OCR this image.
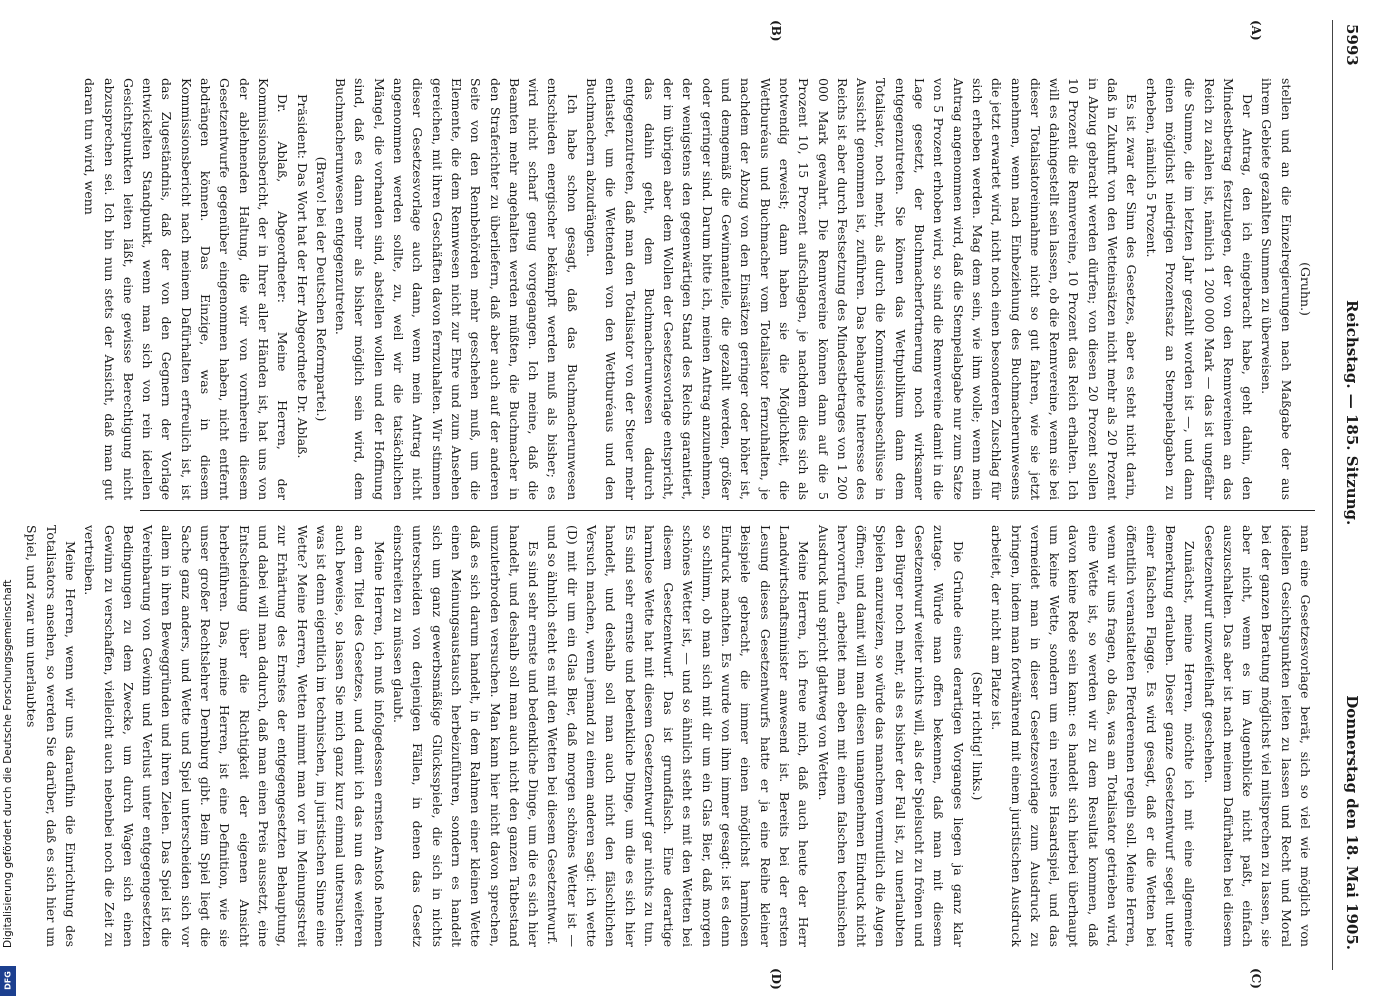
5993
Reichstag. — 185. Sitzung.
Donnerstag den 18. Mai 1905.
(A)
(B)
(C)
(D)

(Gruhn.)

stellen und an die Einzelregierungen nach Maßgabe der aus ihrem Gebiete gezahlten Summen zu überweisen.

Der Antrag, den ich eingebracht habe, geht dahin, den Mindestbetrag festzulegen, der von den Rennvereinen an das Reich zu zahlen ist, nämlich 1 200 000 Mark — das ist ungefähr die Summe, die im letzten Jahr gezahlt worden ist —, und dann einen möglichst niedrigen Prozentsatz an Stempelabgaben zu erheben, nämlich 5 Prozent.

Es ist zwar der Sinn des Gesetzes, aber es steht nicht darin, daß in Zukunft von den Wetteinsätzen nicht mehr als 20 Prozent in Abzug gebracht werden dürfen; von diesen 20 Prozent sollen 10 Prozent die Rennvereine, 10 Prozent das Reich erhalten. Ich will es dahingestellt sein lassen, ob die Rennvereine, wenn sie bei dieser Totalisatoreinnahme nicht so gut fahren, wie sie jetzt annehmen, wenn nach Einbeziehung des Buchmacherunwesens die jetzt erwartet wird, nicht noch einen besonderen Zuschlag für sich erheben werden. Mag dem sein, wie ihm wolle; wenn mein Antrag angenommen wird, daß die Stempelabgabe nur zum Satze von 5 Prozent erhoben wird, so sind die Rennvereine damit in die Lage gesetzt, der Buchmacherfortnerung noch wirksamer entgegenzutreten. Sie können das Wettpublikum dann dem Totalisator, noch mehr, als durch die Kommissionsbeschlüsse in Aussicht genommen ist, zuführen. Das behauptete Interesse des Reichs ist aber durch Festsetzung des Mindestbetrages von 1 200 000 Mark gewahrt. Die Rennvereine können dann auf die 5 Prozent 10, 15 Prozent aufschlagen, je nachdem dies sich als notwendig erweist; dann haben sie die Möglichkeit, die Wettburéaus und Buchmacher vom Totalisator fernzuhalten, je nachdem der Abzug von den Einsätzen geringer oder höher ist, und demgemäß die Gewinnanteile, die gezahlt werden, größer oder geringer sind. Darum bitte ich, meinen Antrag anzunehmen, der wenigstens den gegenwärtigen Stand des Reichs garantiert, der im übrigen aber dem Wollen der Gesetzesvorlage entspricht, das dahin geht, dem Buchmacherunwesen dadurch entgegenzutreten, daß man den Totalisator von der Steuer mehr entlastet, um die Wettenden von den Wettburéaus und den Buchmachern abzudrängen.

Ich habe schon gesagt, daß das Buchmacherunwesen entschieden energischer bekämpft werden muß als bisher; es wird nicht scharf genug vorgegangen. Ich meine, daß die Beamten mehr angehalten werden müßten, die Buchmacher in den Straferichter zu überliefern, daß aber auch auf der anderen Seite von den Rennbehörden mehr geschehen muß, um die Elemente, die dem Rennwesen nicht zur Ehre und zum Ansehen gereichen, mit ihren Geschäften davon fernzuhalten. Wir stimmen dieser Gesetzesvorlage auch dann, wenn mein Antrag nicht angenommen werden sollte, zu, weil wir die tatsächlichen Mängel, die vorhanden sind, abstellen wollen und der Hoffnung sind, daß es dann mehr als bisher möglich sein wird, dem Buchmacherunwesen entgegenzutreten.

(Bravo! bei der Deutschen Reformpartei.)

Präsident: Das Wort hat der Herr Abgeordnete Dr. Ablaß.

Dr. Ablaß, Abgeordneter: Meine Herren, der Kommissionsbericht, der in Ihrer aller Händen ist, hat uns von der ablehnenden Haltung, die wir von vornherein diesem Gesetzentwurfe gegenüber eingenommen haben, nicht entfernt abdrängen können. Das Einzige, was in diesem Kommissionsbericht nach meinem Dafürhalten erfreulich ist, ist das Zugeständnis, daß der von den Gegnern der Vorlage entwickelten Standpunkt, wenn man sich von rein ideellen Gesichtspunkten leiten läßt, eine gewisse Berechtigung nicht abzusprechen sei. Ich bin nun stets der Ansicht, daß man gut daran tun wird, wenn

man eine Gesetzesvorlage berät, sich so viel wie möglich von ideellen Gesichtspunkten leiten zu lassen und Recht und Moral bei der ganzen Beratung möglichst viel mitsprechen zu lassen, sie aber nicht, wenn es im Augenblicke nicht paßt, einfach auszuschalten. Das aber ist nach meinem Dafürhalten bei diesem Gesetzentwurf unzweifelhaft geschehen.

Zunächst, meine Herren, möchte ich mit eine allgemeine Bemerkung erlauben. Dieser ganze Gesetzentwurf segelt unter einer falschen Flagge. Es wird gesagt, daß er die Wetten bei öffentlich veranstalteten Pferderennen regeln soll. Meine Herren, wenn wir uns fragen, ob das, was am Totalisator getrieben wird, eine Wette ist, so werden wir zu dem Resultat kommen, daß davon keine Rede sein kann: es handelt sich hierbei überhaupt um keine Wette, sondern um ein reines Hasardspiel, und das vermeidet man in dieser Gesetzesvorlage zum Ausdruck zu bringen, indem man fortwährend mit einem juristischen Ausdruck arbeitet, der nicht am Platze ist.

(Sehr richtig! links.)

Die Gründe eines derartigen Vorganges liegen ja ganz klar zutage. Würde man offen bekennen, daß man mit diesem Gesetzentwurf weiter nichts will, als der Spielsucht zu frönen und den Bürger noch mehr, als es bisher der Fall ist, zu unerlaubten Spielen anzureizen, so würde das manchem vermutlich die Augen öffnen; und damit will man diesen unangenehmen Eindruck nicht hervorrufen, arbeitet man eben mit einem falschen technischen Ausdruck und spricht glattweg von Wetten.

Meine Herren, ich freue mich, daß auch heute der Herr Landwirtschaftsminister anwesend ist. Bereits bei der ersten Lesung dieses Gesetzentwurfs hatte er ja eine Reihe kleiner Beispiele gebracht, die immer einen möglichst harmlosen Eindruck machten. Es wurde von ihm immer gesagt: ist es denn so schlimm, ob man sich mit dir um ein Glas Bier, daß morgen schönes Wetter ist, — und so ähnlich steht es mit den Wetten bei diesem Gesetzentwurf. Das ist grundfalsch. Eine derartige harmlose Wette hat mit diesem Gesetzentwurf gar nichts zu tun. Es sind sehr ernste und bedenkliche Dinge, um die es sich hier handelt, und deshalb soll man auch nicht den fälschlichen Versuch machen, wenn jemand zu einem anderen sagt: ich wette (D) mit dir um ein Glas Bier, daß morgen schönes Wetter ist — und so ähnlich steht es mit den Wetten bei diesem Gesetzentwurf.

Es sind sehr ernste und bedenkliche Dinge, um die es sich hier handelt, und deshalb soll man auch nicht den ganzen Tatbestand umzuterbroden versuchen. Man kann hier nicht davon sprechen, daß es sich darum handelt, in dem Rahmen einer kleinen Wette einen Meinungsaustausch herbeizuführen, sondern es handelt sich um ganz gewerbsmäßige Glücksspiele, die sich in nichts unterscheiden von denjenigen Fällen, in denen das Gesetz einschreiten zu müssen glaubt.

Meine Herren, ich muß infolgedessen ernsten Anstoß nehmen an dem Titel des Gesetzes, und damit ich das nun des weiteren auch beweise, so lassen Sie mich ganz kurz einmal untersuchen: was ist denn eigentlich im technischen, im juristischen Sinne eine Wette? Meine Herren, Wetten nimmt man vor im Meinungsstreit zur Erhärtung des Ernstes der entgegengesetzten Behauptung, und dabei will man dadurch, daß man einen Preis aussetzt, eine Entscheidung über die Richtigkeit der eigenen Ansicht herbeiführen. Das, meine Herren, ist eine Definition, wie sie unser großer Rechtslehrer Dernburg gibt. Beim Spiel liegt die Sache ganz anders, und Wette und Spiel unterscheiden sich vor allem in ihren Beweggründen und ihren Zielen. Das Spiel ist die Vereinbarung von Gewinn und Verlust unter entgegengesetzten Bedingungen zu dem Zwecke, um durch Wagen sich einen Gewinn zu verschaffen, vielleicht auch nebenbei noch die Zeit zu vertreiben.

Meine Herren, wenn wir uns daraufhin die Einrichtung des Totalisators ansehen, so werden Sie darüber, daß es sich hier um Spiel, und zwar um unerlaubtes

Digitalisierung gefördert durch die Deutsche Forschungsgemeinschaft
DFG
